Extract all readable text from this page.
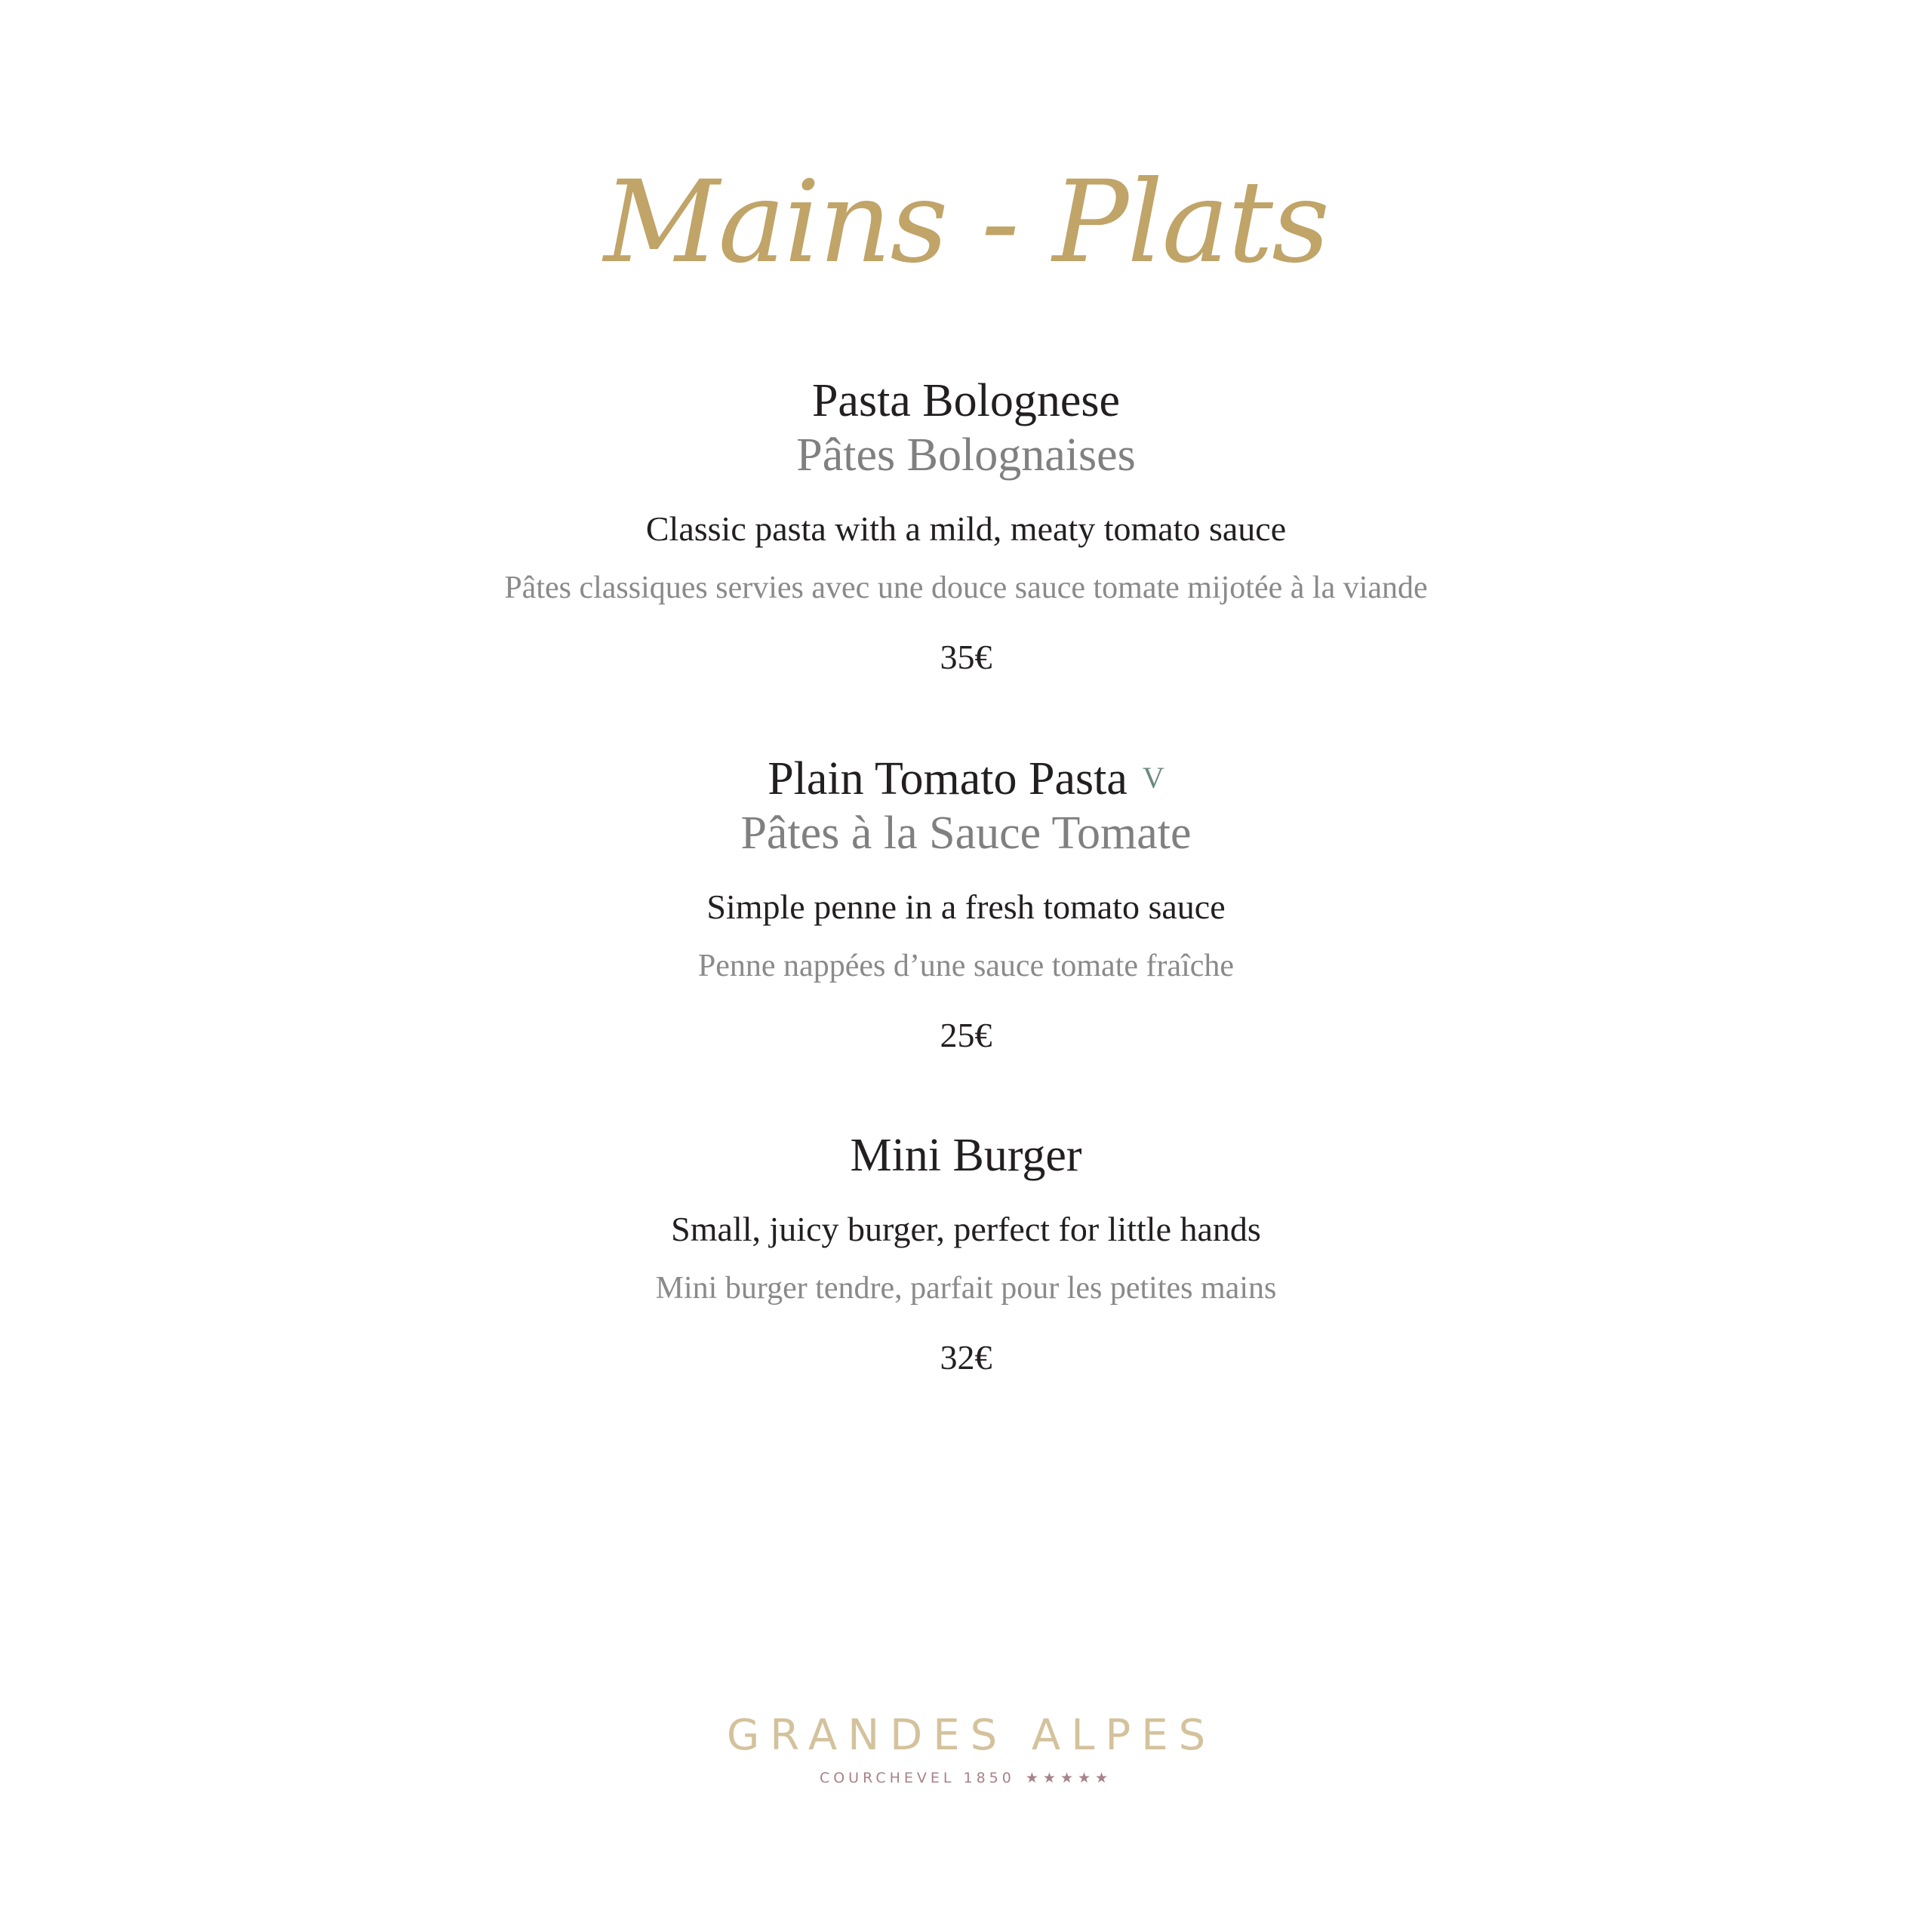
Mains - Plats

Pasta Bolognese

Pâtes Bolognaises

Classic pasta with a mild, meaty tomato sauce

Pâtes classiques servies avec une douce sauce tomate mijotée à la viande

35€

Plain Tomato Pasta V

Pâtes à la Sauce Tomate

Simple penne in a fresh tomato sauce

Penne nappées d’une sauce tomate fraîche

25€

Mini Burger

Small, juicy burger, perfect for little hands

Mini burger tendre, parfait pour les petites mains

32€

GRANDES ALPES

COURCHEVEL 1850 ★★★★★
